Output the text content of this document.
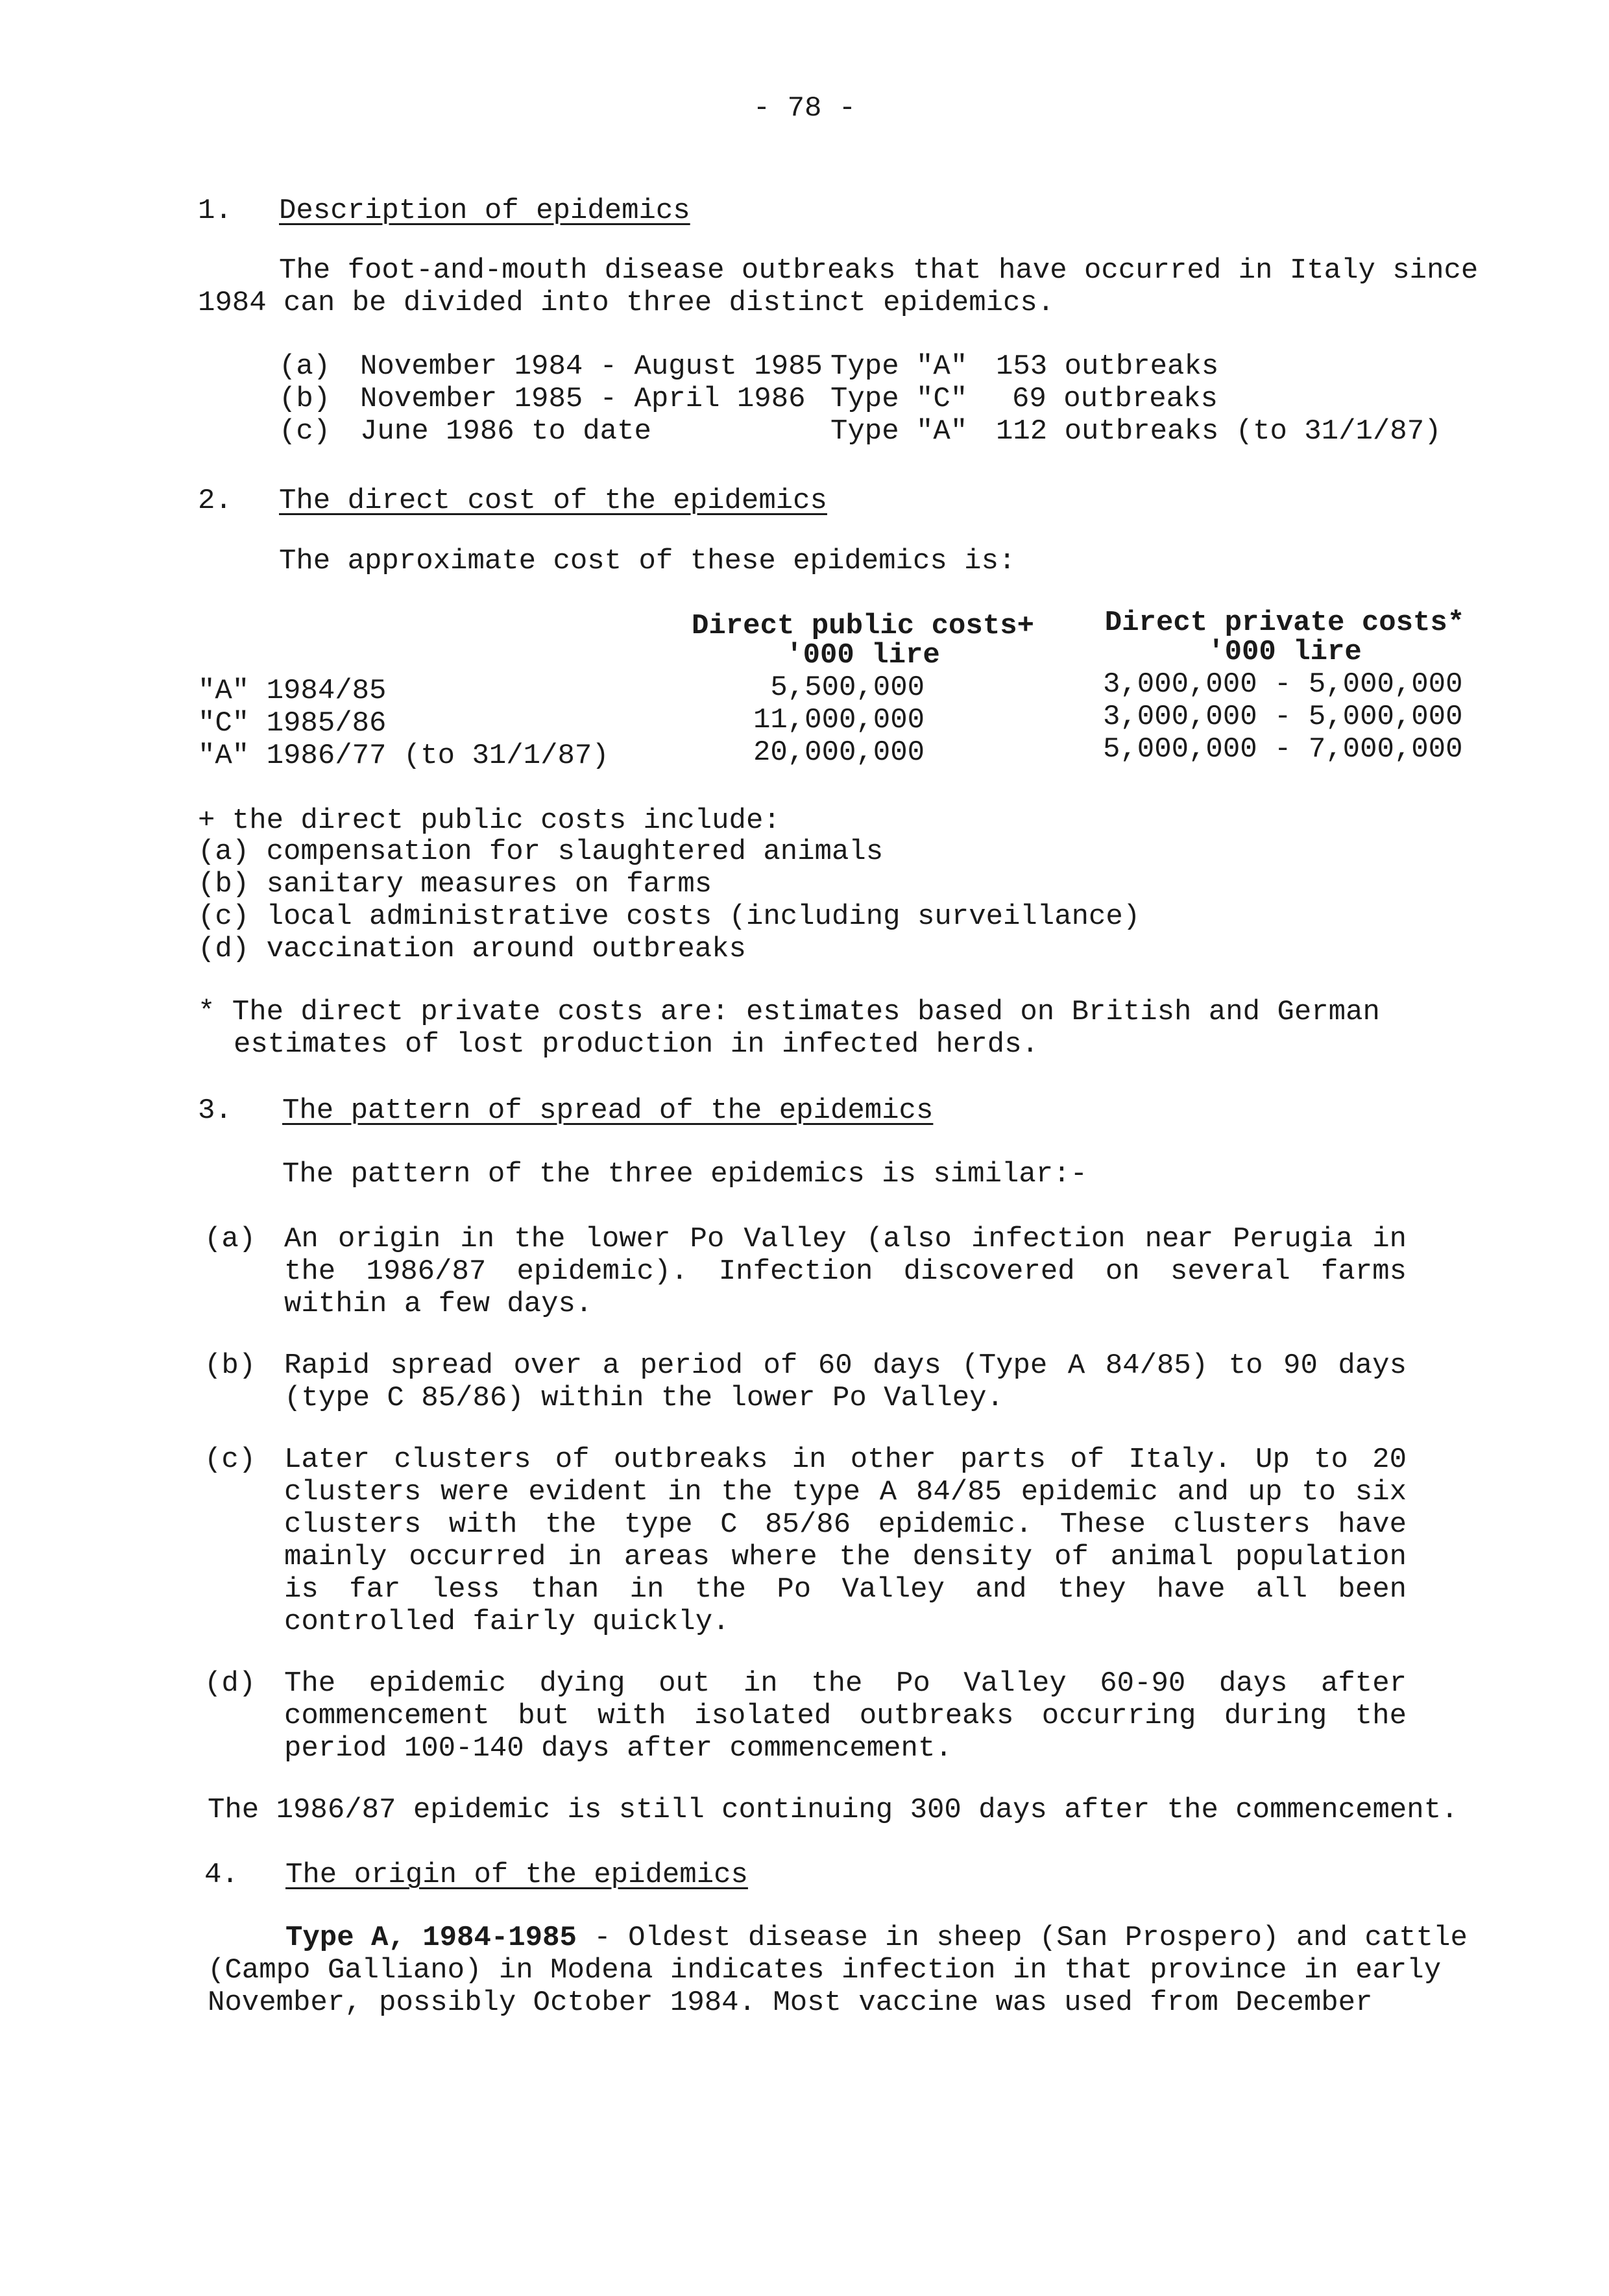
- 78 -
1. Description of epidemics
The foot-and-mouth disease outbreaks that have occurred in Italy since
1984 can be divided into three distinct epidemics.
(a) November 1984 - August 1985 Type "A" 153 outbreaks
(b) November 1985 - April 1986 Type "C" 69 outbreaks
(c) June 1986 to date	Type "A" 112 outbreaks (to 31/1/87)
2. The direct cost of the epidemics
The approximate cost of these epidemics is:
Direct public costs+
'000 lire
Direct private costs*
'000 lire
"A" 1984/85	5,500,000	3,000,000 - 5,000,000
"C" 1985/86	11,000,000	3,000,000 - 5,000,000
"A" 1986/77 (to 31/1/87)	20,000,000	5,000,000 - 7,000,000
+ the direct public costs include:
(a) compensation for slaughtered animals
(b) sanitary measures on farms
(c) local administrative costs (including surveillance)
(d) vaccination around outbreaks
* The direct private costs are: estimates based on British and German
estimates of lost production in infected herds.
3. The pattern of spread of the epidemics
The pattern of the three epidemics is similar:-
(a) An origin in the lower Po Valley (also infection near Perugia in the 1986/87 epidemic). Infection discovered on several farms within a few days.
(b) Rapid spread over a period of 60 days (Type A 84/85) to 90 days (type C 85/86) within the lower Po Valley.
(c) Later clusters of outbreaks in other parts of Italy. Up to 20 clusters were evident in the type A 84/85 epidemic and up to six clusters with the type C 85/86 epidemic. These clusters have mainly occurred in areas where the density of animal population is far less than in the Po Valley and they have all been controlled fairly quickly.
(d) The epidemic dying out in the Po Valley 60-90 days after commencement but with isolated outbreaks occurring during the period 100-140 days after commencement.
The 1986/87 epidemic is still continuing 300 days after the commencement.
4. The origin of the epidemics
Type A, 1984-1985 - Oldest disease in sheep (San Prospero) and cattle
(Campo Galliano) in Modena indicates infection in that province in early
November, possibly October 1984. Most vaccine was used from December
